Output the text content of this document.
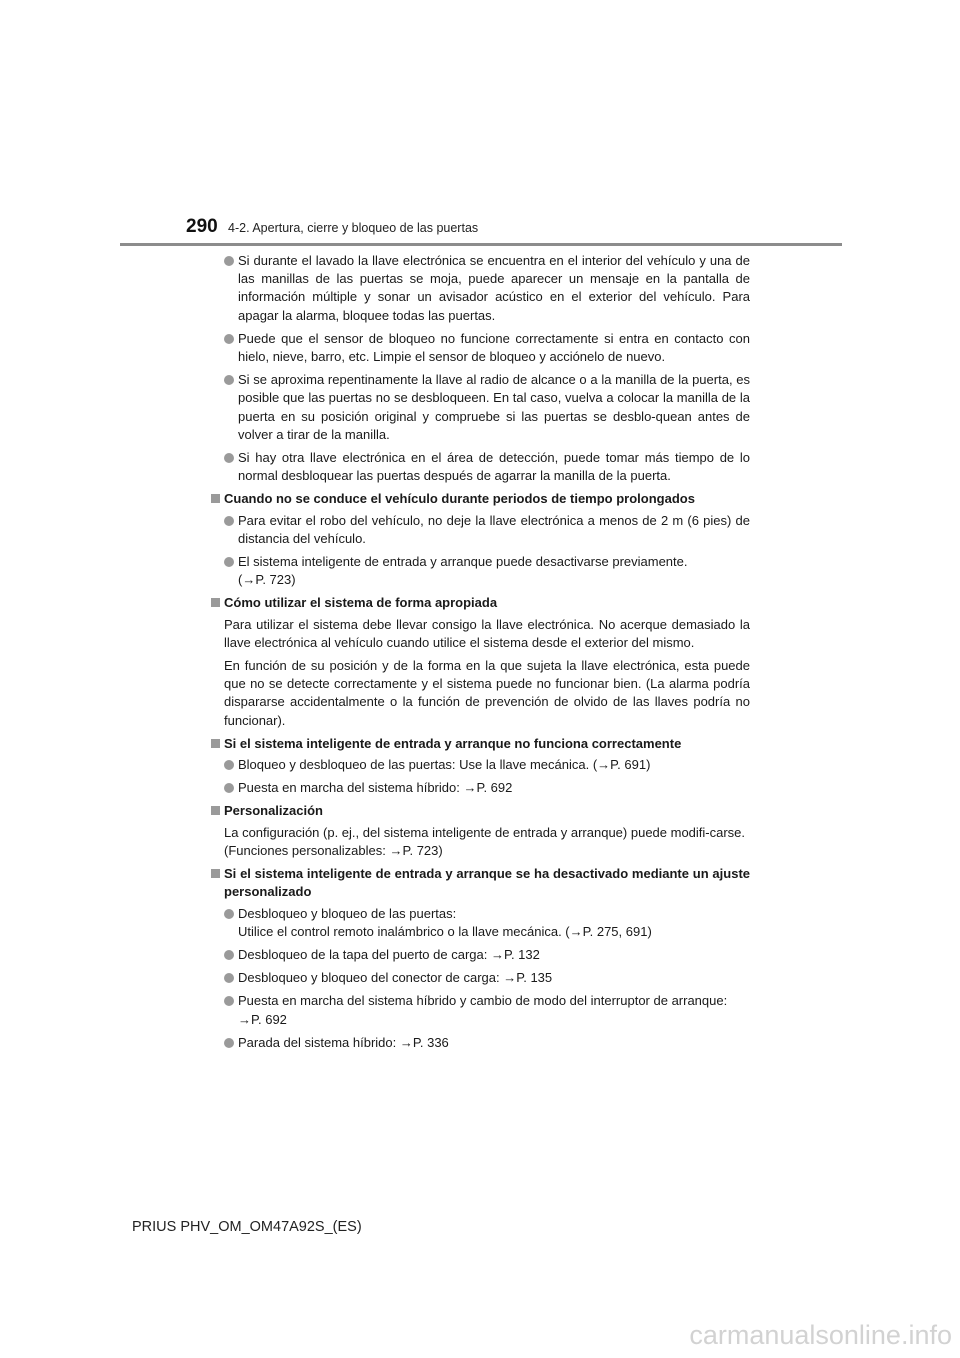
290 4-2. Apertura, cierre y bloqueo de las puertas
Si durante el lavado la llave electrónica se encuentra en el interior del vehículo y una de las manillas de las puertas se moja, puede aparecer un mensaje en la pantalla de información múltiple y sonar un avisador acústico en el exterior del vehículo. Para apagar la alarma, bloquee todas las puertas.
Puede que el sensor de bloqueo no funcione correctamente si entra en contacto con hielo, nieve, barro, etc. Limpie el sensor de bloqueo y acciónelo de nuevo.
Si se aproxima repentinamente la llave al radio de alcance o a la manilla de la puerta, es posible que las puertas no se desbloqueen. En tal caso, vuelva a colocar la manilla de la puerta en su posición original y compruebe si las puertas se desblo-quean antes de volver a tirar de la manilla.
Si hay otra llave electrónica en el área de detección, puede tomar más tiempo de lo normal desbloquear las puertas después de agarrar la manilla de la puerta.
Cuando no se conduce el vehículo durante periodos de tiempo prolongados
Para evitar el robo del vehículo, no deje la llave electrónica a menos de 2 m (6 pies) de distancia del vehículo.
El sistema inteligente de entrada y arranque puede desactivarse previamente.
(→P. 723)
Cómo utilizar el sistema de forma apropiada
Para utilizar el sistema debe llevar consigo la llave electrónica. No acerque demasiado la llave electrónica al vehículo cuando utilice el sistema desde el exterior del mismo.
En función de su posición y de la forma en la que sujeta la llave electrónica, esta puede que no se detecte correctamente y el sistema puede no funcionar bien. (La alarma podría dispararse accidentalmente o la función de prevención de olvido de las llaves podría no funcionar).
Si el sistema inteligente de entrada y arranque no funciona correctamente
Bloqueo y desbloqueo de las puertas: Use la llave mecánica. (→P. 691)
Puesta en marcha del sistema híbrido: →P. 692
Personalización
La configuración (p. ej., del sistema inteligente de entrada y arranque) puede modifi-carse.
(Funciones personalizables: →P. 723)
Si el sistema inteligente de entrada y arranque se ha desactivado mediante un ajuste personalizado
Desbloqueo y bloqueo de las puertas:
Utilice el control remoto inalámbrico o la llave mecánica. (→P. 275, 691)
Desbloqueo de la tapa del puerto de carga: →P. 132
Desbloqueo y bloqueo del conector de carga: →P. 135
Puesta en marcha del sistema híbrido y cambio de modo del interruptor de arranque:
→P. 692
Parada del sistema híbrido: →P. 336
PRIUS PHV_OM_OM47A92S_(ES)
carmanualsonline.info
